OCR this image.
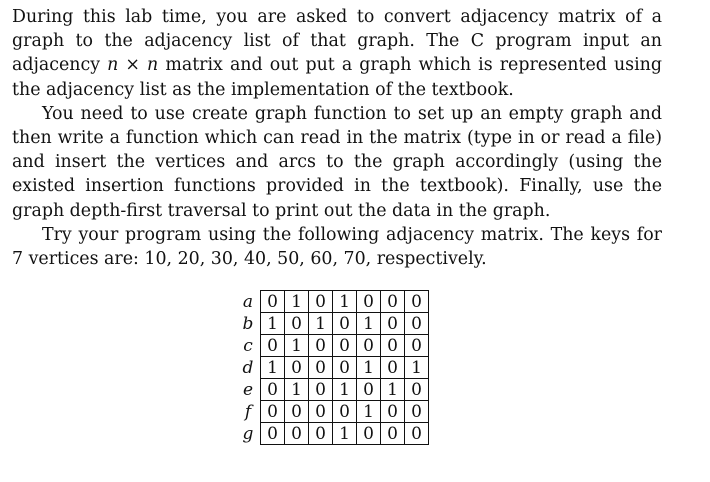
During this lab time, you are asked to convert adjacency matrix of a graph to the adjacency list of that graph. The C program input an adjacency n × n matrix and out put a graph which is represented using the adjacency list as the implementation of the textbook.

You need to use create graph function to set up an empty graph and then write a function which can read in the matrix (type in or read a file) and insert the vertices and arcs to the graph accordingly (using the existed insertion functions provided in the textbook). Finally, use the graph depth-first traversal to print out the data in the graph.

Try your program using the following adjacency matrix. The keys for 7 vertices are: 10, 20, 30, 40, 50, 60, 70, respectively.

a	0	1	0	1	0	0	0
b	1	0	1	0	1	0	0
c	0	1	0	0	0	0	0
d	1	0	0	0	1	0	1
e	0	1	0	1	0	1	0
f	0	0	0	0	1	0	0
g	0	0	0	1	0	0	0
